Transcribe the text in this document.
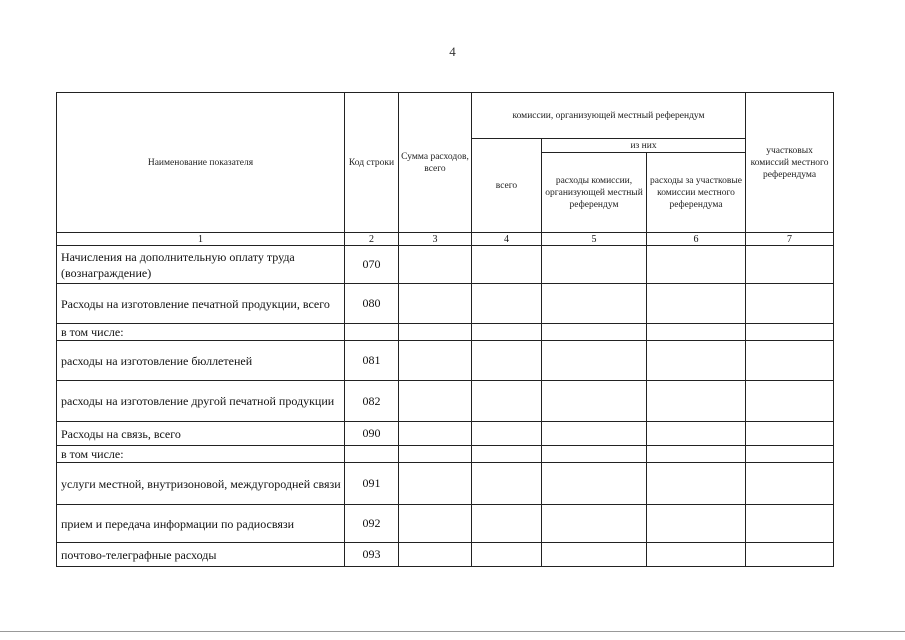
4
Наименование показателя	Код строки	Сумма расходов, всего	комиссии, организующей местный референдум			участковых комиссий местного референдума
			всего	из них		
				расходы комиссии, организующей местный референдум	расходы за участковые комиссии местного референдума	
1	2	3	4	5	6	7
Начисления на дополнительную оплату труда (вознаграждение)	070					
Расходы на изготовление печатной продукции, всего	080					
в том числе:						
расходы на изготовление бюллетеней	081					
расходы на изготовление другой печатной продукции	082					
Расходы на связь, всего	090					
в том числе:						
услуги местной, внутризоновой, междугородней связи	091					
прием и передача информации по радиосвязи	092					
почтово-телеграфные расходы	093					
